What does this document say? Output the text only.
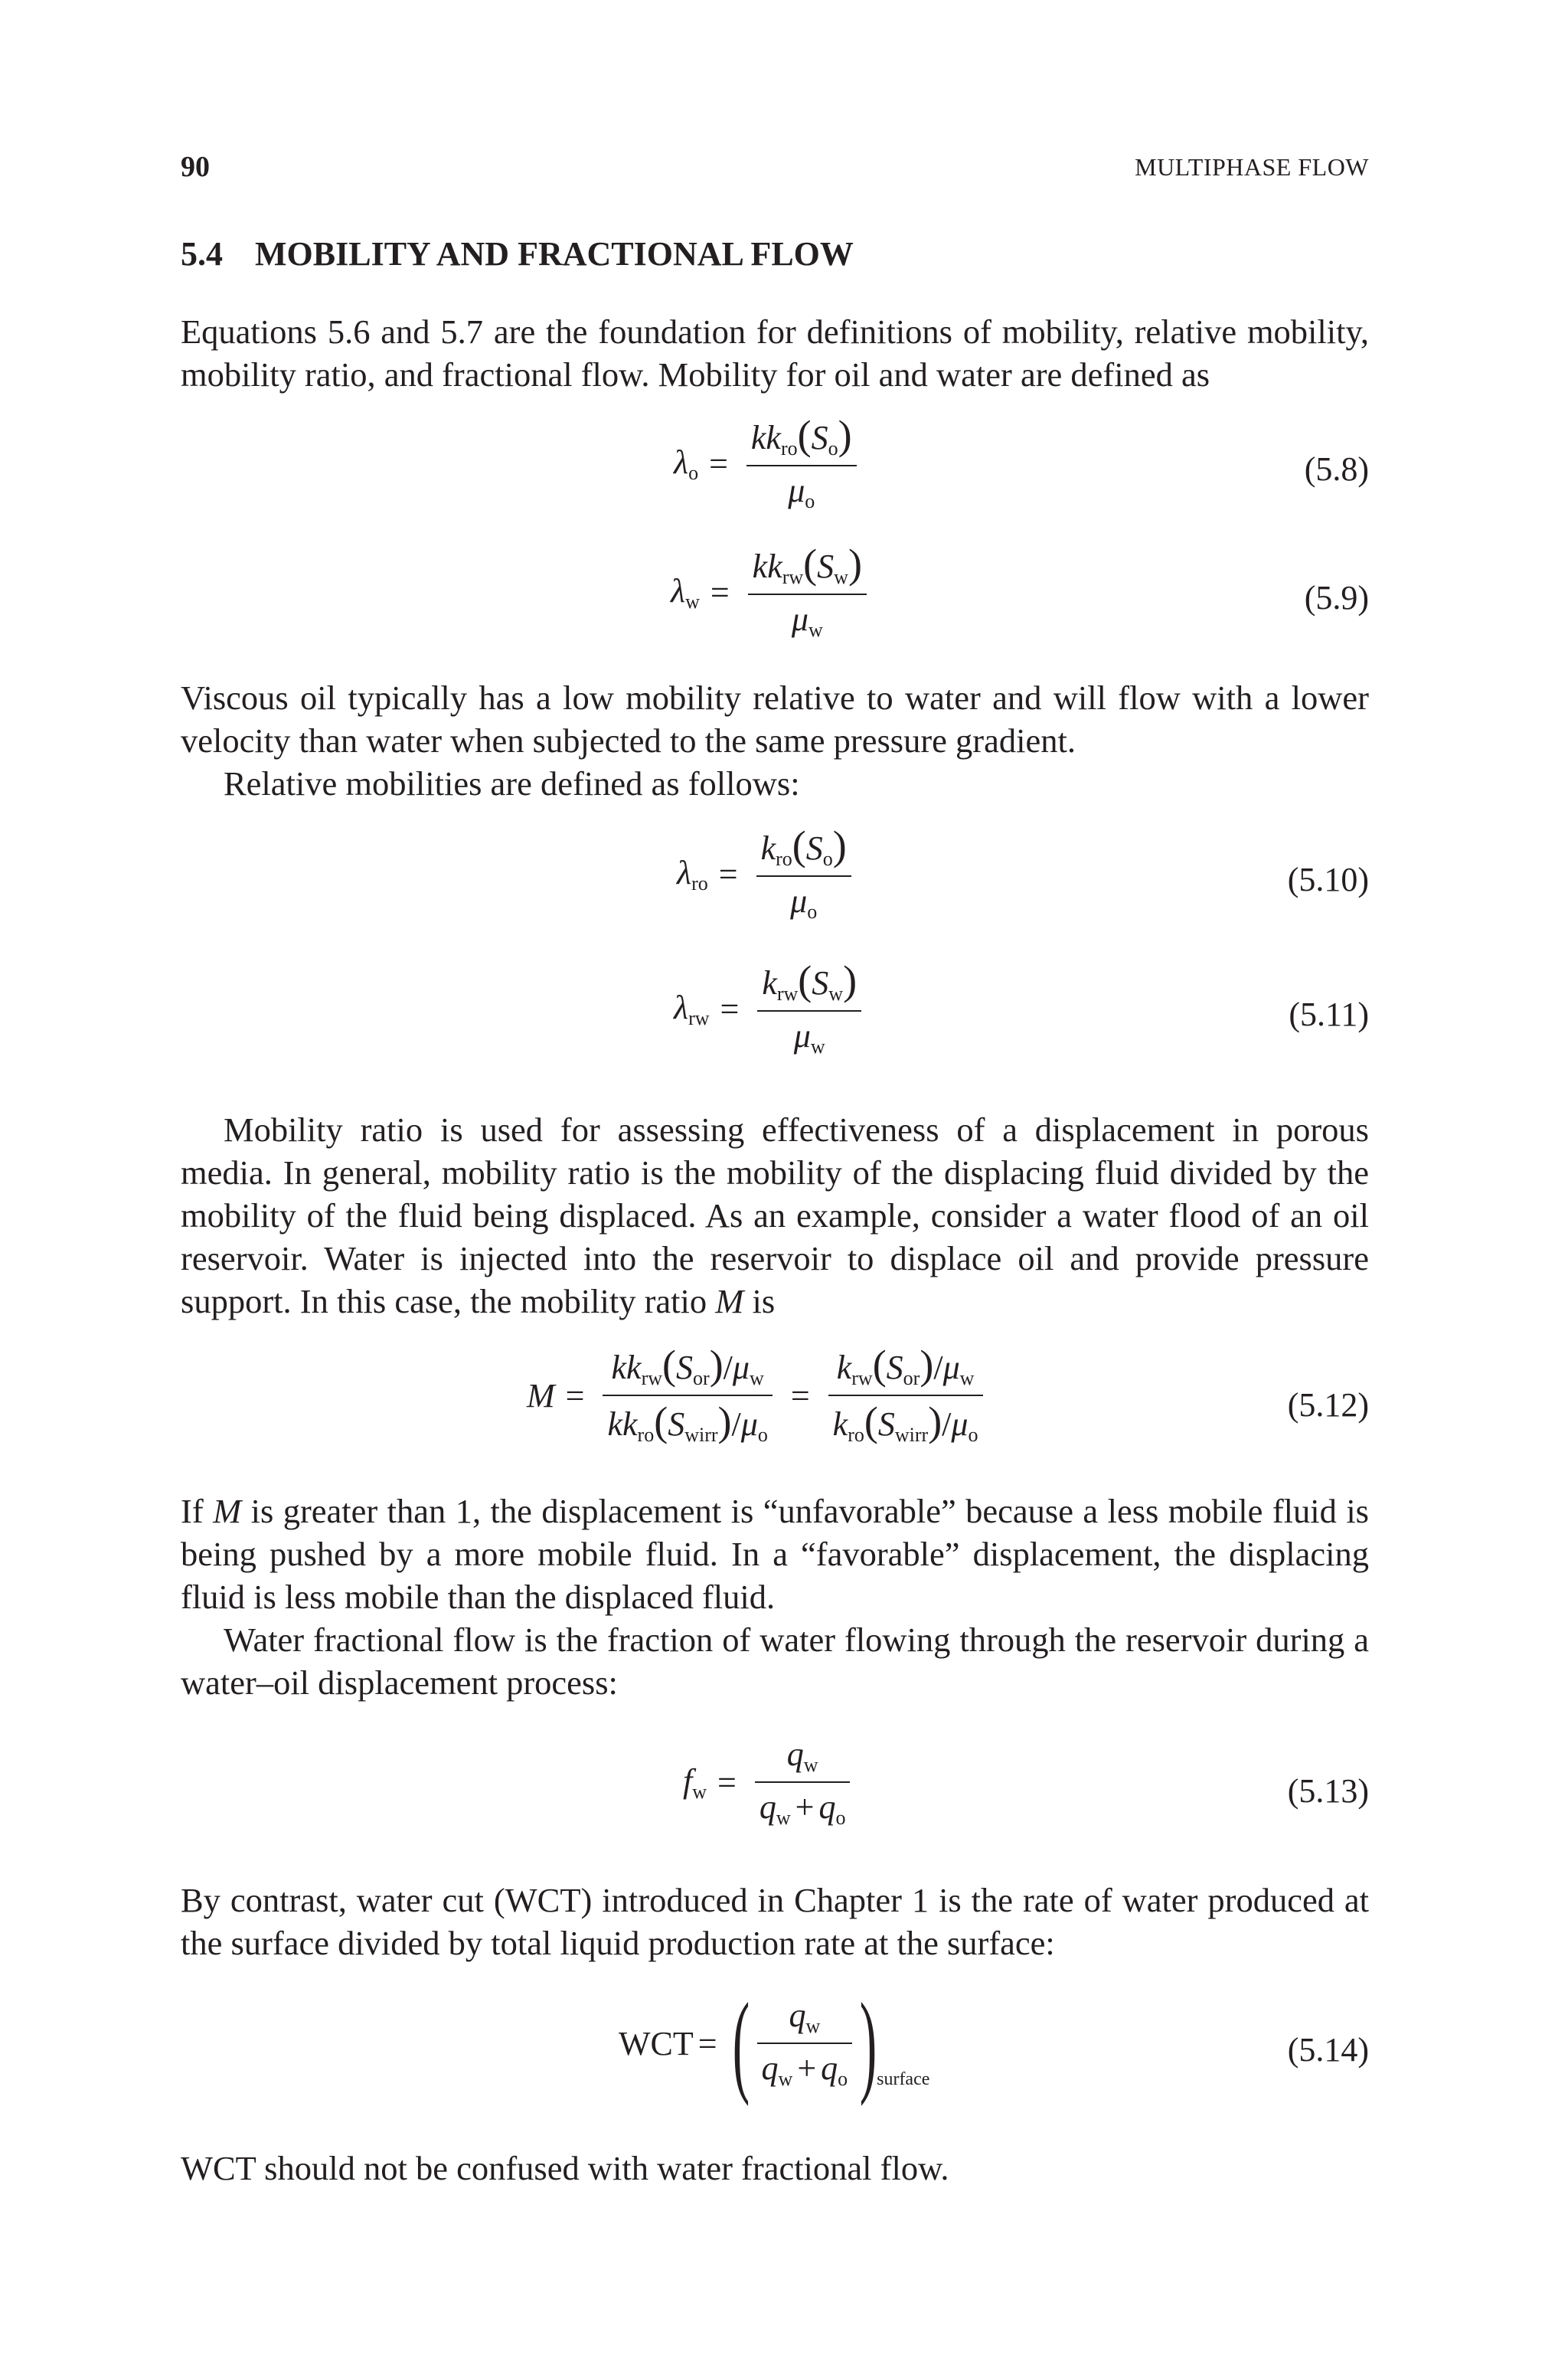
90	MULTIPHASE FLOW
5.4 MOBILITY AND FRACTIONAL FLOW

Equations 5.6 and 5.7 are the foundation for definitions of mobility, relative mobility, mobility ratio, and fractional flow. Mobility for oil and water are defined as

$\lambda_o = \frac{kk_{ro}(S_o)}{\mu_o}$	(5.8)
$\lambda_w = \frac{kk_{rw}(S_w)}{\mu_w}$	(5.9)

Viscous oil typically has a low mobility relative to water and will flow with a lower velocity than water when subjected to the same pressure gradient.

Relative mobilities are defined as follows:

$\lambda_{ro} = \frac{k_{ro}(S_o)}{\mu_o}$	(5.10)
$\lambda_{rw} = \frac{k_{rw}(S_w)}{\mu_w}$	(5.11)

Mobility ratio is used for assessing effectiveness of a displacement in porous media. In general, mobility ratio is the mobility of the displacing fluid divided by the mobility of the fluid being displaced. As an example, consider a water flood of an oil reservoir. Water is injected into the reservoir to displace oil and provide pressure support. In this case, the mobility ratio M is

$M = \frac{kk_{rw}(S_{or})/\mu_w}{kk_{ro}(S_{wirr})/\mu_o} = \frac{k_{rw}(S_{or})/\mu_w}{k_{ro}(S_{wirr})/\mu_o}$	(5.12)

If M is greater than 1, the displacement is “unfavorable” because a less mobile fluid is being pushed by a more mobile fluid. In a “favorable” displacement, the displacing fluid is less mobile than the displaced fluid.

Water fractional flow is the fraction of water flowing through the reservoir during a water–oil displacement process:

$f_w = \frac{q_w}{q_w + q_o}$	(5.13)

By contrast, water cut (WCT) introduced in Chapter 1 is the rate of water produced at the surface divided by total liquid production rate at the surface:

WCT = ( $\frac{q_w}{q_w + q_o}$ ) surface
(5.14)

WCT should not be confused with water fractional flow.
